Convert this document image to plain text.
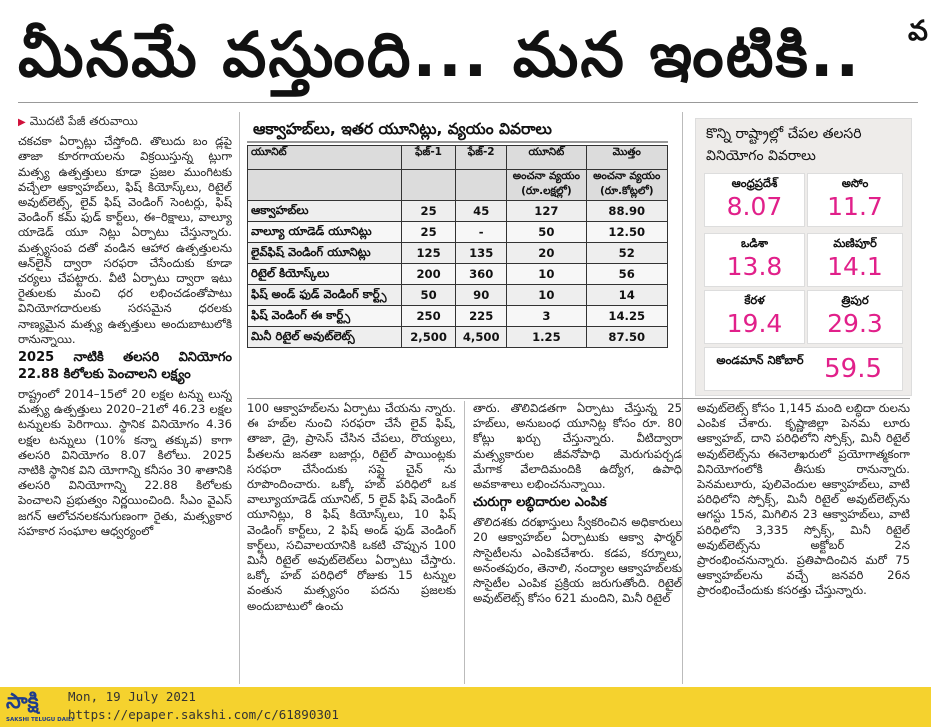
మీనమే వస్తుంది... మన ఇంటికి..	వ

▶ మొదటి పేజీ తరువాయి

చకచకా ఏర్పాట్లు చేస్తోంది. తొలుదు బం డ్లపై తాజా కూరగాయలను విక్రయిస్తున్న ట్లుగా మత్స్య ఉత్పత్తులు కూడా ప్రజల ముంగిటకు వచ్చేలా ఆక్వాహబ్‌లు, ఫిష్ కియోస్క్‌లు, రిటైల్ అవుట్‌లెట్స్, లైవ్ ఫిష్ వెండింగ్ సెంటర్లు, ఫిష్ వెండింగ్ కమ్ ఫుడ్ కార్ట్‌లు, ఈ–రిక్షాలు, వాల్యూ యాడెడ్ యూ నిట్లు ఏర్పాటు చేస్తున్నారు. మత్స్యసంప దతో వండిన ఆహార ఉత్పత్తులను ఆన్‌లైన్ ద్వారా సరఫరా చేసేందుకు కూడా చర్యలు చేపట్టారు. వీటి ఏర్పాటు ద్వారా ఇటు రైతులకు మంచి ధర లభించడంతోపాటు వినియోగదారులకు సరసమైన ధరలకు నాణ్యమైన మత్స్య ఉత్పత్తులు అందుబాటులోకి రానున్నాయి.

2025 నాటికి తలసరి వినియోగం 22.88 కిలోలకు పెంచాలని లక్ష్యం

రాష్ట్రంలో 2014–15లో 20 లక్షల టన్ను లున్న మత్స్య ఉత్పత్తులు 2020–21లో 46.23 లక్షల టన్నులకు పెరిగాయి. స్థానిక వినియోగం 4.36 లక్షల టన్నులు (10% కన్నా తక్కువ) కాగా తలసరి వినియోగం 8.07 కిలోలు. 2025 నాటికి స్థానిక విని యోగాన్ని కనీసం 30 శాతానికి తలసరి వినియోగాన్ని 22.88 కిలోలకు పెంచాలని ప్రభుత్వం నిర్ణయించింది. సీఎం వైఎస్ జగన్ ఆలోచనలకనుగుణంగా రైతు, మత్స్యకార సహకార సంఘాల ఆధ్వర్యంలో

ఆక్వాహబ్‌లు, ఇతర యూనిట్లు, వ్యయం వివరాలు
యూనిట్	ఫేజ్-1	ఫేజ్-2	యూనిట్	మొత్తం
			అంచనా వ్యయం
(రూ.లక్షల్లో)	అంచనా వ్యయం
(రూ.కోట్లలో)
ఆక్వాహబ్‌లు	25	45	127	88.90
వాల్యూ యాడెడ్ యూనిట్లు	25	-	50	12.50
లైవ్‌ఫిష్ వెండింగ్ యూనిట్లు	125	135	20	52
రిటైల్ కియోస్క్‌లు	200	360	10	56
ఫిష్ అండ్ ఫుడ్ వెండింగ్ కార్ట్స్	50	90	10	14
ఫిష్ వెండింగ్ ఈ కార్ట్స్	250	225	3	14.25
మినీ రిటైల్ అవుట్‌లెట్స్	2,500	4,500	1.25	87.50
కొన్ని రాష్ట్రాల్లో చేపల తలసరి వినియోగం వివరాలు
ఆంధ్రప్రదేశ్
8.07
అసోం
11.7
ఒడిశా
13.8
మణిపూర్
14.1
కేరళ
19.4
త్రిపుర
29.3
అండమాన్ నికోబార్ 59.5

100 ఆక్వాహబ్‌లను ఏర్పాటు చేయను న్నారు. ఈ హబ్‌ల నుంచి సరఫరా చేసే లైవ్ ఫిష్, తాజా, డ్రై, ప్రాసెస్ చేసిన చేపలు, రొయ్యలు, పీతలను జనతా బజార్లు, రిటైల్ పాయింట్లకు సరఫరా చేసేందుకు సప్లై చైన్ ను రూపొందించారు. ఒక్కో హబ్ పరిధిలో ఒక వాల్యూయాడెడ్ యూనిట్, 5 లైవ్ ఫిష్ వెండింగ్ యూనిట్లు, 8 ఫిష్ కియోస్క్‌లు, 10 ఫిష్ వెండింగ్ కార్ట్‌లు, 2 ఫిష్ అండ్ ఫుడ్ వెండింగ్ కార్ట్‌లు, సచివాలయానికి ఒకటి చొప్పున 100 మినీ రిటైల్ అవుట్‌లెట్‌లు ఏర్పాటు చేస్తారు. ఒక్కో హబ్ పరిధిలో రోజుకు 15 టన్నుల వంతున మత్స్యసం పదను ప్రజలకు అందుబాటులో ఉంచు

తారు. తొలివిడతగా ఏర్పాటు చేస్తున్న 25 హబ్‌లు, అనుబంధ యూనిట్ల కోసం రూ. 80 కోట్లు ఖర్చు చేస్తున్నారు. వీటిద్వారా మత్స్యకారుల జీవనోపాధి మెరుగుపర్చడ మేగాక వేలాదిమందికి ఉద్యోగ, ఉపాధి అవకాశాలు లభించనున్నాయి.

చురుగ్గా లబ్ధిదారుల ఎంపిక

తొలిదశకు దరఖాస్తులు స్వీకరించిన అధికారులు 20 ఆక్వాహబ్‌ల ఏర్పాటుకు ఆక్వా ఫార్మర్ సొసైటీలను ఎంపికచేశారు. కడప, కర్నూలు, అనంతపురం, తెనాలి, నంద్యాల ఆక్వాహబ్‌లకు సొసైటీల ఎంపిక ప్రక్రియ జరుగుతోంది. రిటైల్ అవుట్‌లెట్స్ కోసం 621 మందిని, మినీ రిటైల్

అవుట్‌లెట్స్ కోసం 1,145 మంది లబ్ధిదా రులను ఎంపిక చేశారు. కృష్ణాజిల్లా పెనమ లూరు ఆక్వాహబ్, దాని పరిధిలోని స్పోక్స్, మినీ రిటైల్ అవుట్‌లెట్స్‌ను ఈనెలాఖరులో ప్రయోగాత్మకంగా వినియోగంలోకి తీసుకు రానున్నారు. పెనమలూరు, పులివెందుల ఆక్వాహబ్‌లు, వాటి పరిధిలోని స్పోక్స్, మినీ రిటైల్ అవుట్‌లెట్స్‌ను ఆగస్టు 15న, మిగిలిన 23 ఆక్వాహబ్‌లు, వాటి పరిధిలోని 3,335 స్పోక్స్, మినీ రిటైల్ అవుట్‌లెట్స్‌ను అక్టోబర్ 2న ప్రారంభించనున్నారు. ప్రతిపాదించిన మరో 75 ఆక్వాహబ్‌లను వచ్చే జనవరి 26న ప్రారంభించేందుకు కసరత్తు చేస్తున్నారు.

సాక్షి
SAKSHI TELUGU DAILY
Mon, 19 July 2021
https://epaper.sakshi.com/c/61890301
